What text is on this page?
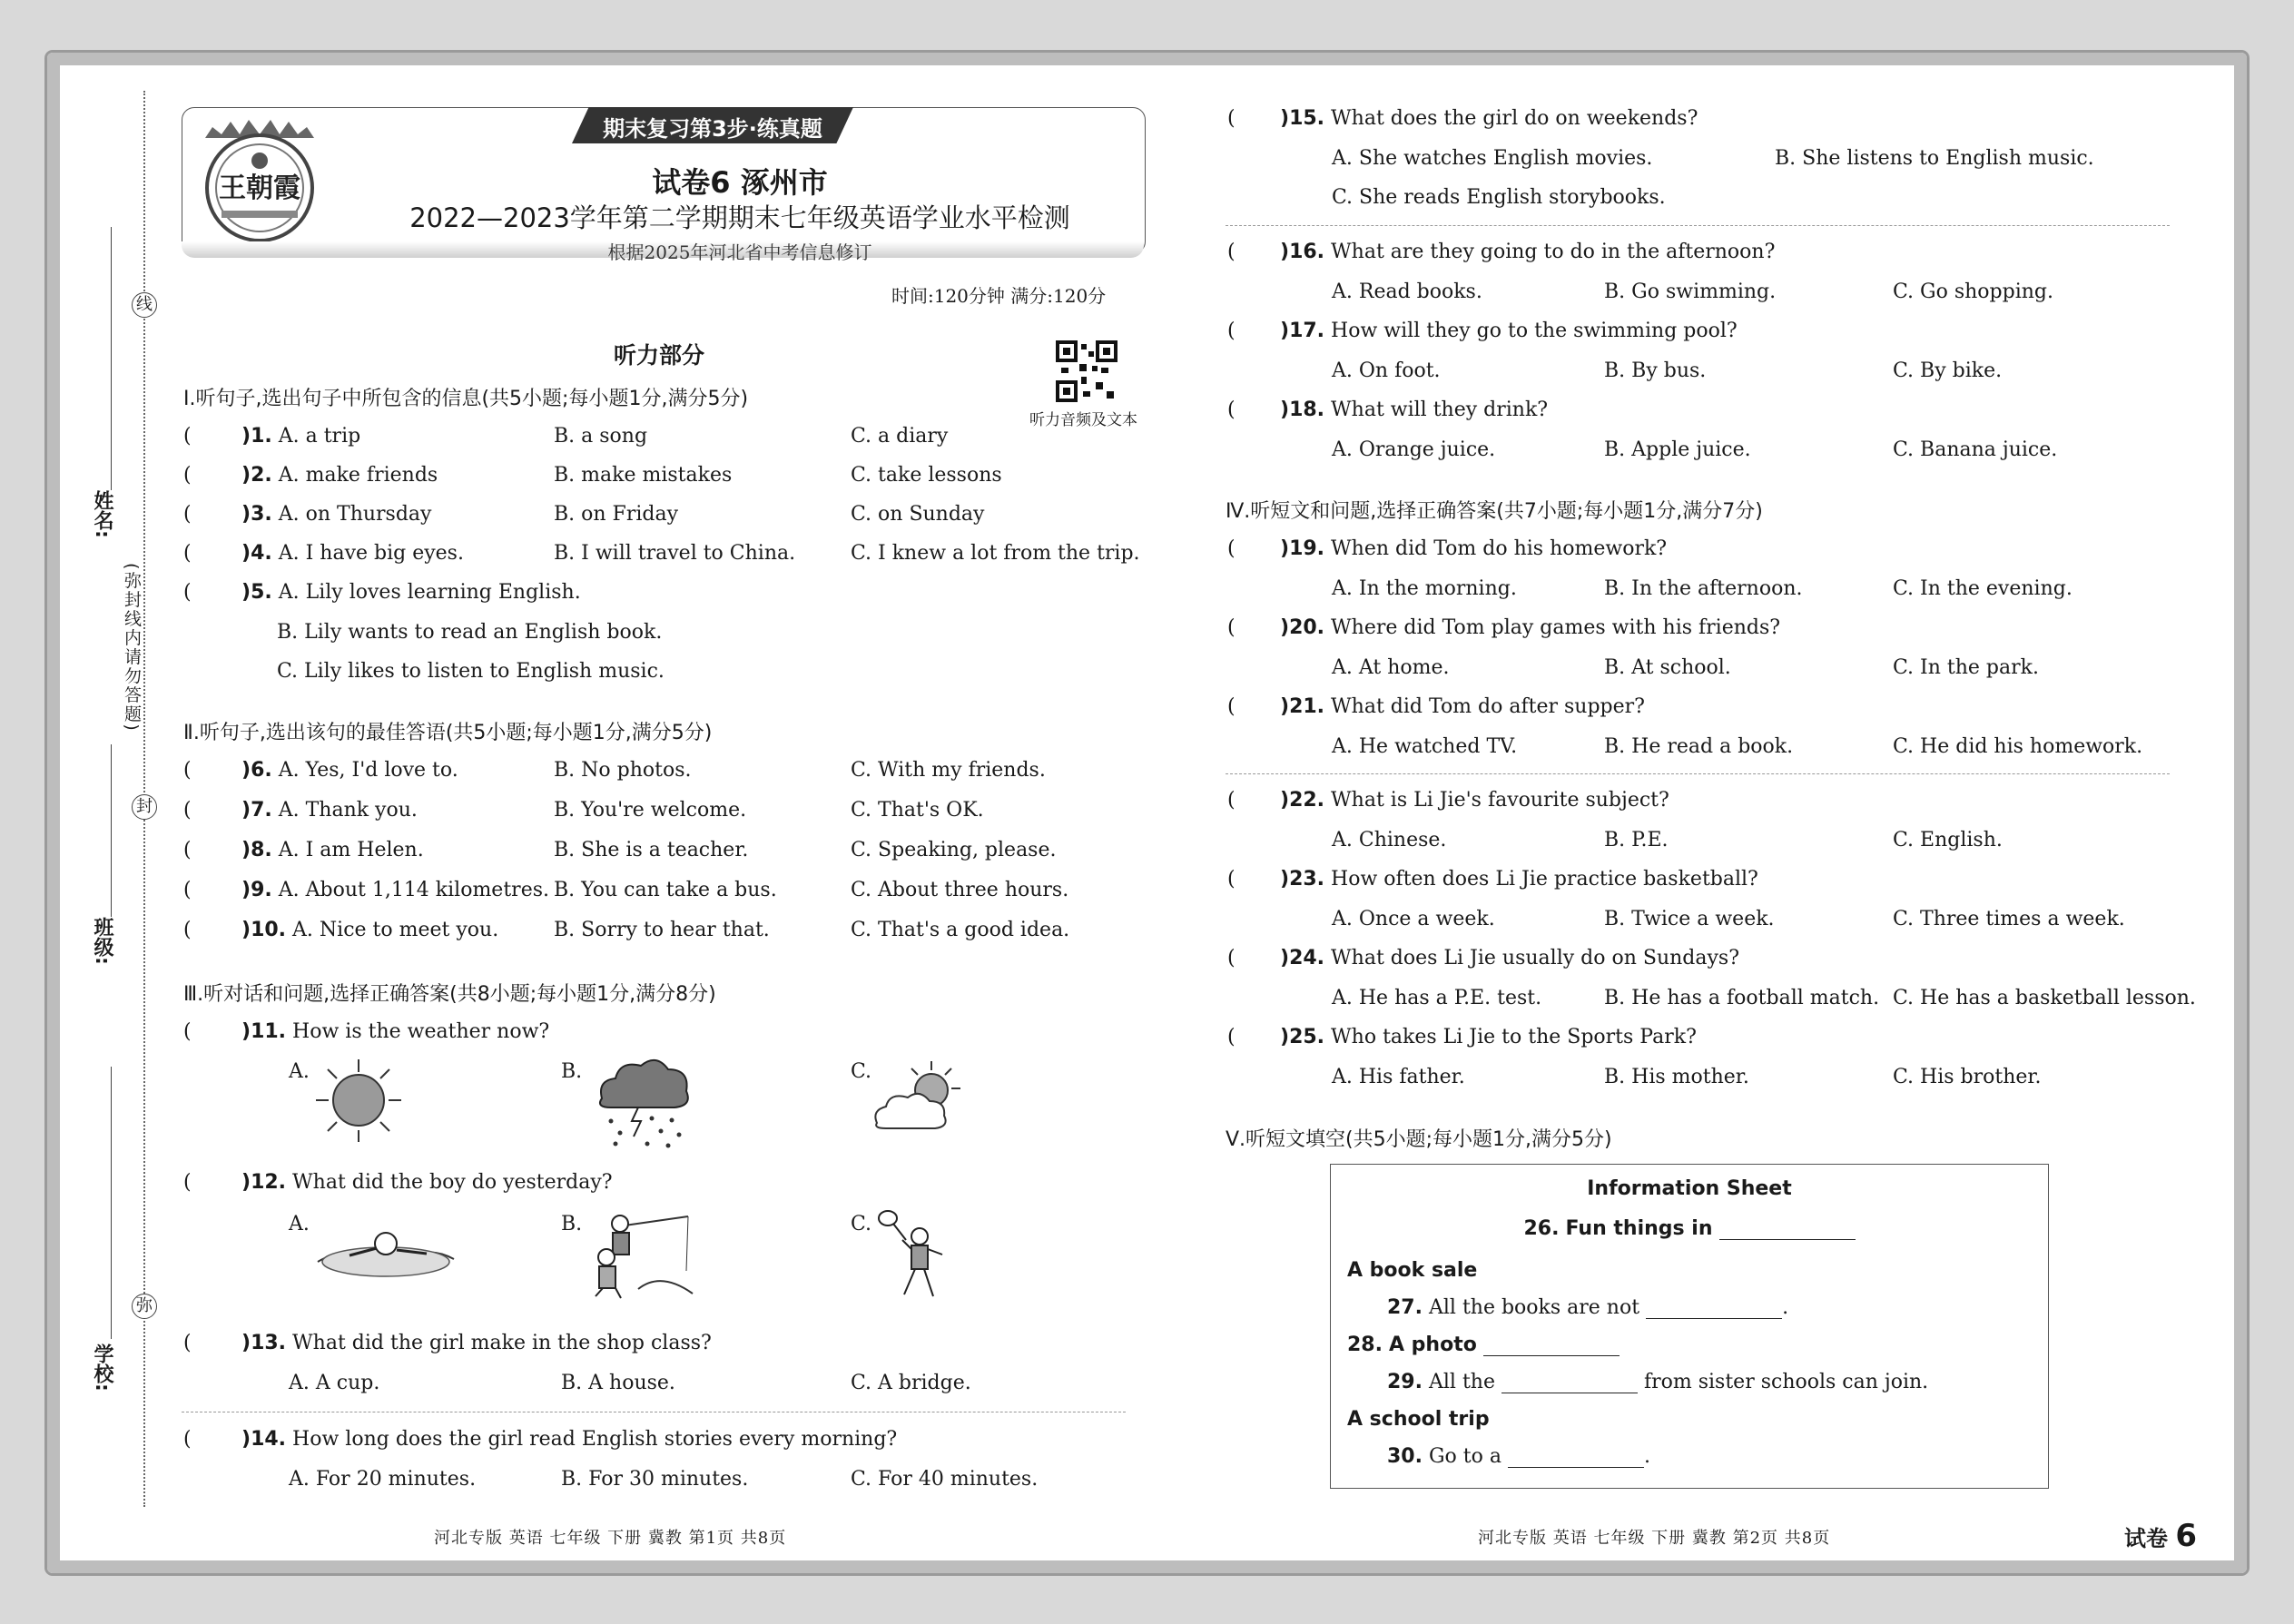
线
封
弥
(弥封线内请勿答题)
姓名:
班级:
学校:
王朝霞
期末复习第3步·练真题
试卷6 涿州市
2022—2023学年第二学期期末七年级英语学业水平检测
根据2025年河北省中考信息修订
时间:120分钟 满分:120分
听力部分
听力音频及文本
Ⅰ.听句子,选出句子中所包含的信息(共5小题;每小题1分,满分5分)
(	)1. A. a trip	B. a song	C. a diary
(	)2. A. make friends	B. make mistakes	C. take lessons
(	)3. A. on Thursday	B. on Friday	C. on Sunday
(	)4. A. I have big eyes.	B. I will travel to China.	C. I knew a lot from the trip.
(	)5. A. Lily loves learning English.
B. Lily wants to read an English book.
C. Lily likes to listen to English music.
Ⅱ.听句子,选出该句的最佳答语(共5小题;每小题1分,满分5分)
(	)6. A. Yes, I'd love to.	B. No photos.	C. With my friends.
(	)7. A. Thank you.	B. You're welcome.	C. That's OK.
(	)8. A. I am Helen.	B. She is a teacher.	C. Speaking, please.
(	)9. A. About 1,114 kilometres. B. You can take a bus.	C. About three hours.
(	)10. A. Nice to meet you.	B. Sorry to hear that.	C. That's a good idea.
Ⅲ.听对话和问题,选择正确答案(共8小题;每小题1分,满分8分)
(	)11. How is the weather now?
A.	B.	C.
(	)12. What did the boy do yesterday?
A.	B.	C.
(	)13. What did the girl make in the shop class?
A. A cup.	B. A house.	C. A bridge.
(	)14. How long does the girl read English stories every morning?
A. For 20 minutes.	B. For 30 minutes.	C. For 40 minutes.
( )15. What does the girl do on weekends?
A. She watches English movies.	B. She listens to English music.
C. She reads English storybooks.
( )16. What are they going to do in the afternoon?
A. Read books.	B. Go swimming.	C. Go shopping.
( )17. How will they go to the swimming pool?
A. On foot.	B. By bus.	C. By bike.
( )18. What will they drink?
A. Orange juice.	B. Apple juice.	C. Banana juice.
Ⅳ.听短文和问题,选择正确答案(共7小题;每小题1分,满分7分)
( )19. When did Tom do his homework?
A. In the morning.	B. In the afternoon.	C. In the evening.
( )20. Where did Tom play games with his friends?
A. At home.	B. At school.	C. In the park.
( )21. What did Tom do after supper?
A. He watched TV.	B. He read a book.	C. He did his homework.
( )22. What is Li Jie's favourite subject?
A. Chinese.	B. P.E.	C. English.
( )23. How often does Li Jie practice basketball?
A. Once a week.	B. Twice a week.	C. Three times a week.
( )24. What does Li Jie usually do on Sundays?
A. He has a P.E. test.	B. He has a football match. C. He has a basketball lesson.
( )25. Who takes Li Jie to the Sports Park?
A. His father.	B. His mother.	C. His brother.
Ⅴ.听短文填空(共5小题;每小题1分,满分5分)
Information Sheet
26. Fun things in
A book sale
27. All the books are not	.
28. A photo
29. All the	from sister schools can join.
A school trip
30. Go to a	.
河北专版 英语 七年级 下册 冀教 第1页 共8页	河北专版 英语 七年级 下册 冀教 第2页 共8页	试卷 6
